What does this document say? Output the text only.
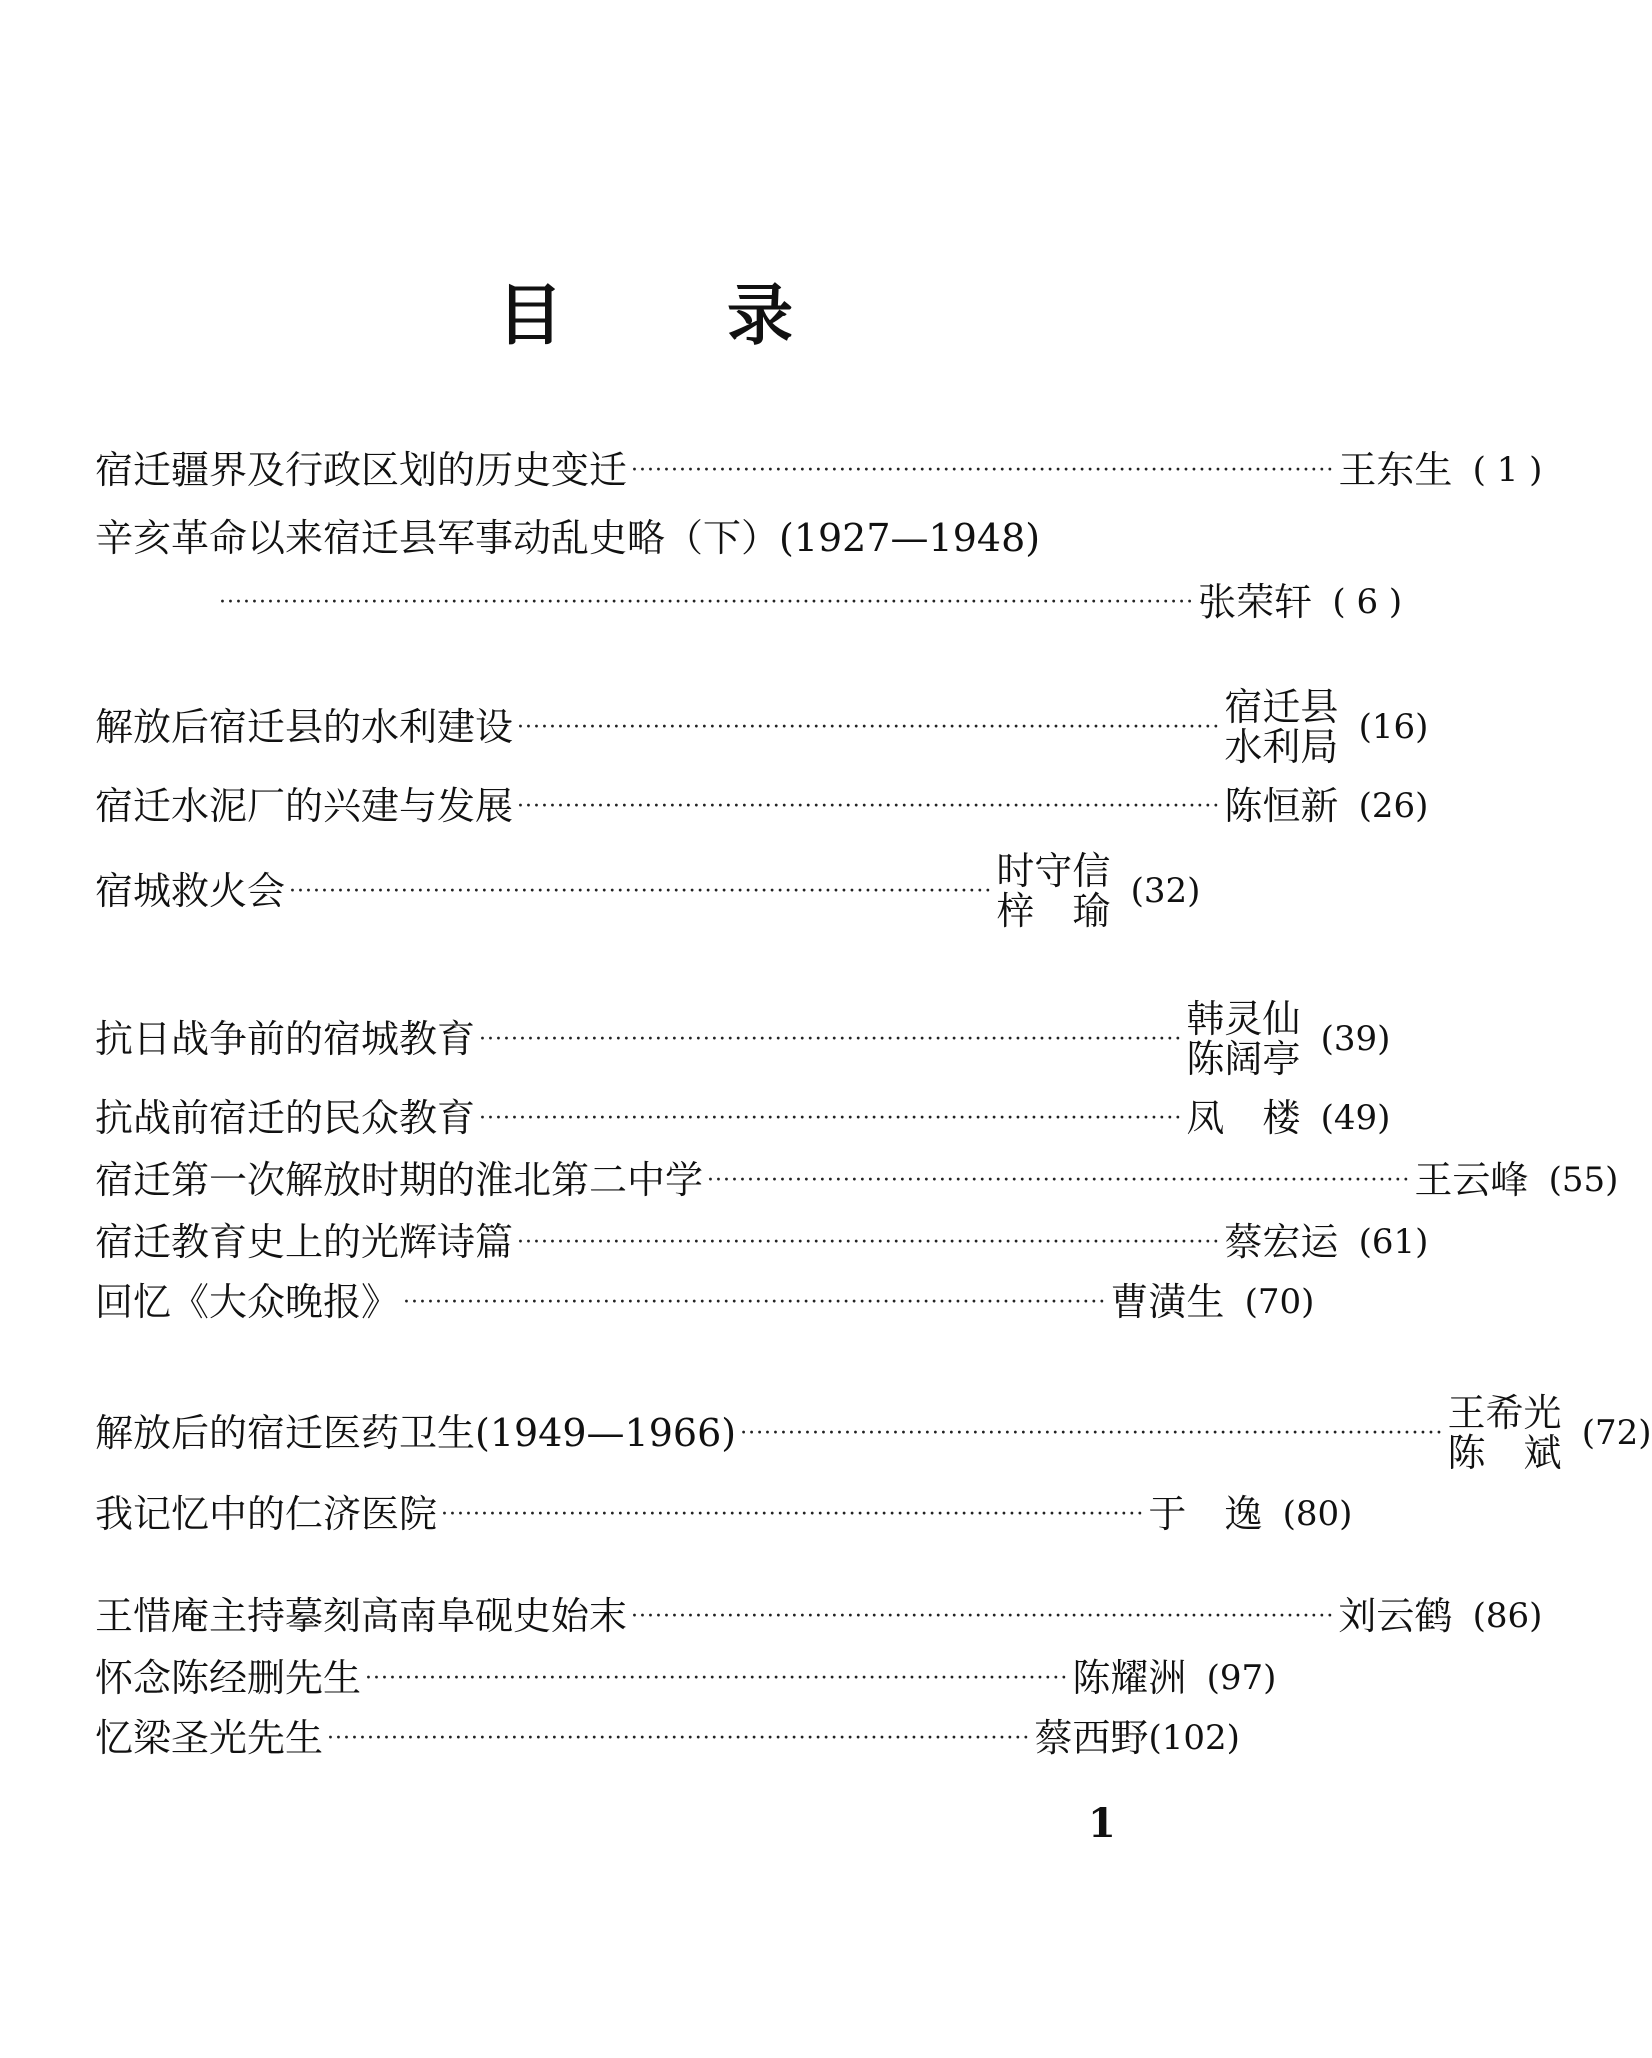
目 录
宿迁疆界及行政区划的历史变迁 ························································································ 王东生 ( 1 )
辛亥革命以来宿迁县军事动乱史略（下）(1927—1948)
·························································································································· 张荣轩 ( 6 )
解放后宿迁县的水利建设 ························································································ 宿迁县
水利局 (16)
宿迁水泥厂的兴建与发展 ························································································ 陈恒新 (26)
宿城救火会 ························································································ 时守信
梓　瑜 (32)
抗日战争前的宿城教育 ························································································ 韩灵仙
陈阔亭 (39)
抗战前宿迁的民众教育 ························································································ 凤　楼 (49)
宿迁第一次解放时期的淮北第二中学 ························································································ 王云峰 (55)
宿迁教育史上的光辉诗篇 ························································································ 蔡宏运 (61)
回忆《大众晚报》 ························································································ 曹潢生 (70)
解放后的宿迁医药卫生(1949—1966) ························································································ 王希光
陈　斌 (72)
我记忆中的仁济医院 ························································································ 于　逸 (80)
王惜庵主持摹刻高南阜砚史始末 ························································································ 刘云鹤 (86)
怀念陈经删先生 ························································································ 陈耀洲 (97)
忆梁圣光先生 ························································································ 蔡西野 (102)
1
